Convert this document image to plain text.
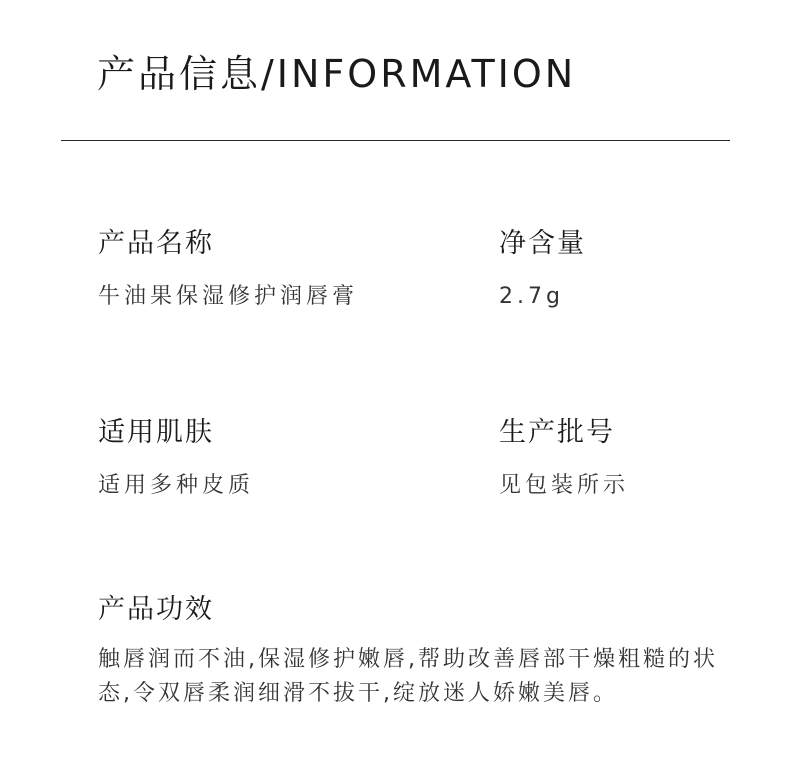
产品信息/INFORMATION
产品名称
牛油果保湿修护润唇膏
净含量
2.7g
适用肌肤
适用多种皮质
生产批号
见包装所示
产品功效
触唇润而不油,保湿修护嫩唇,帮助改善唇部干燥粗糙的状态,令双唇柔润细滑不拔干,绽放迷人娇嫩美唇。
